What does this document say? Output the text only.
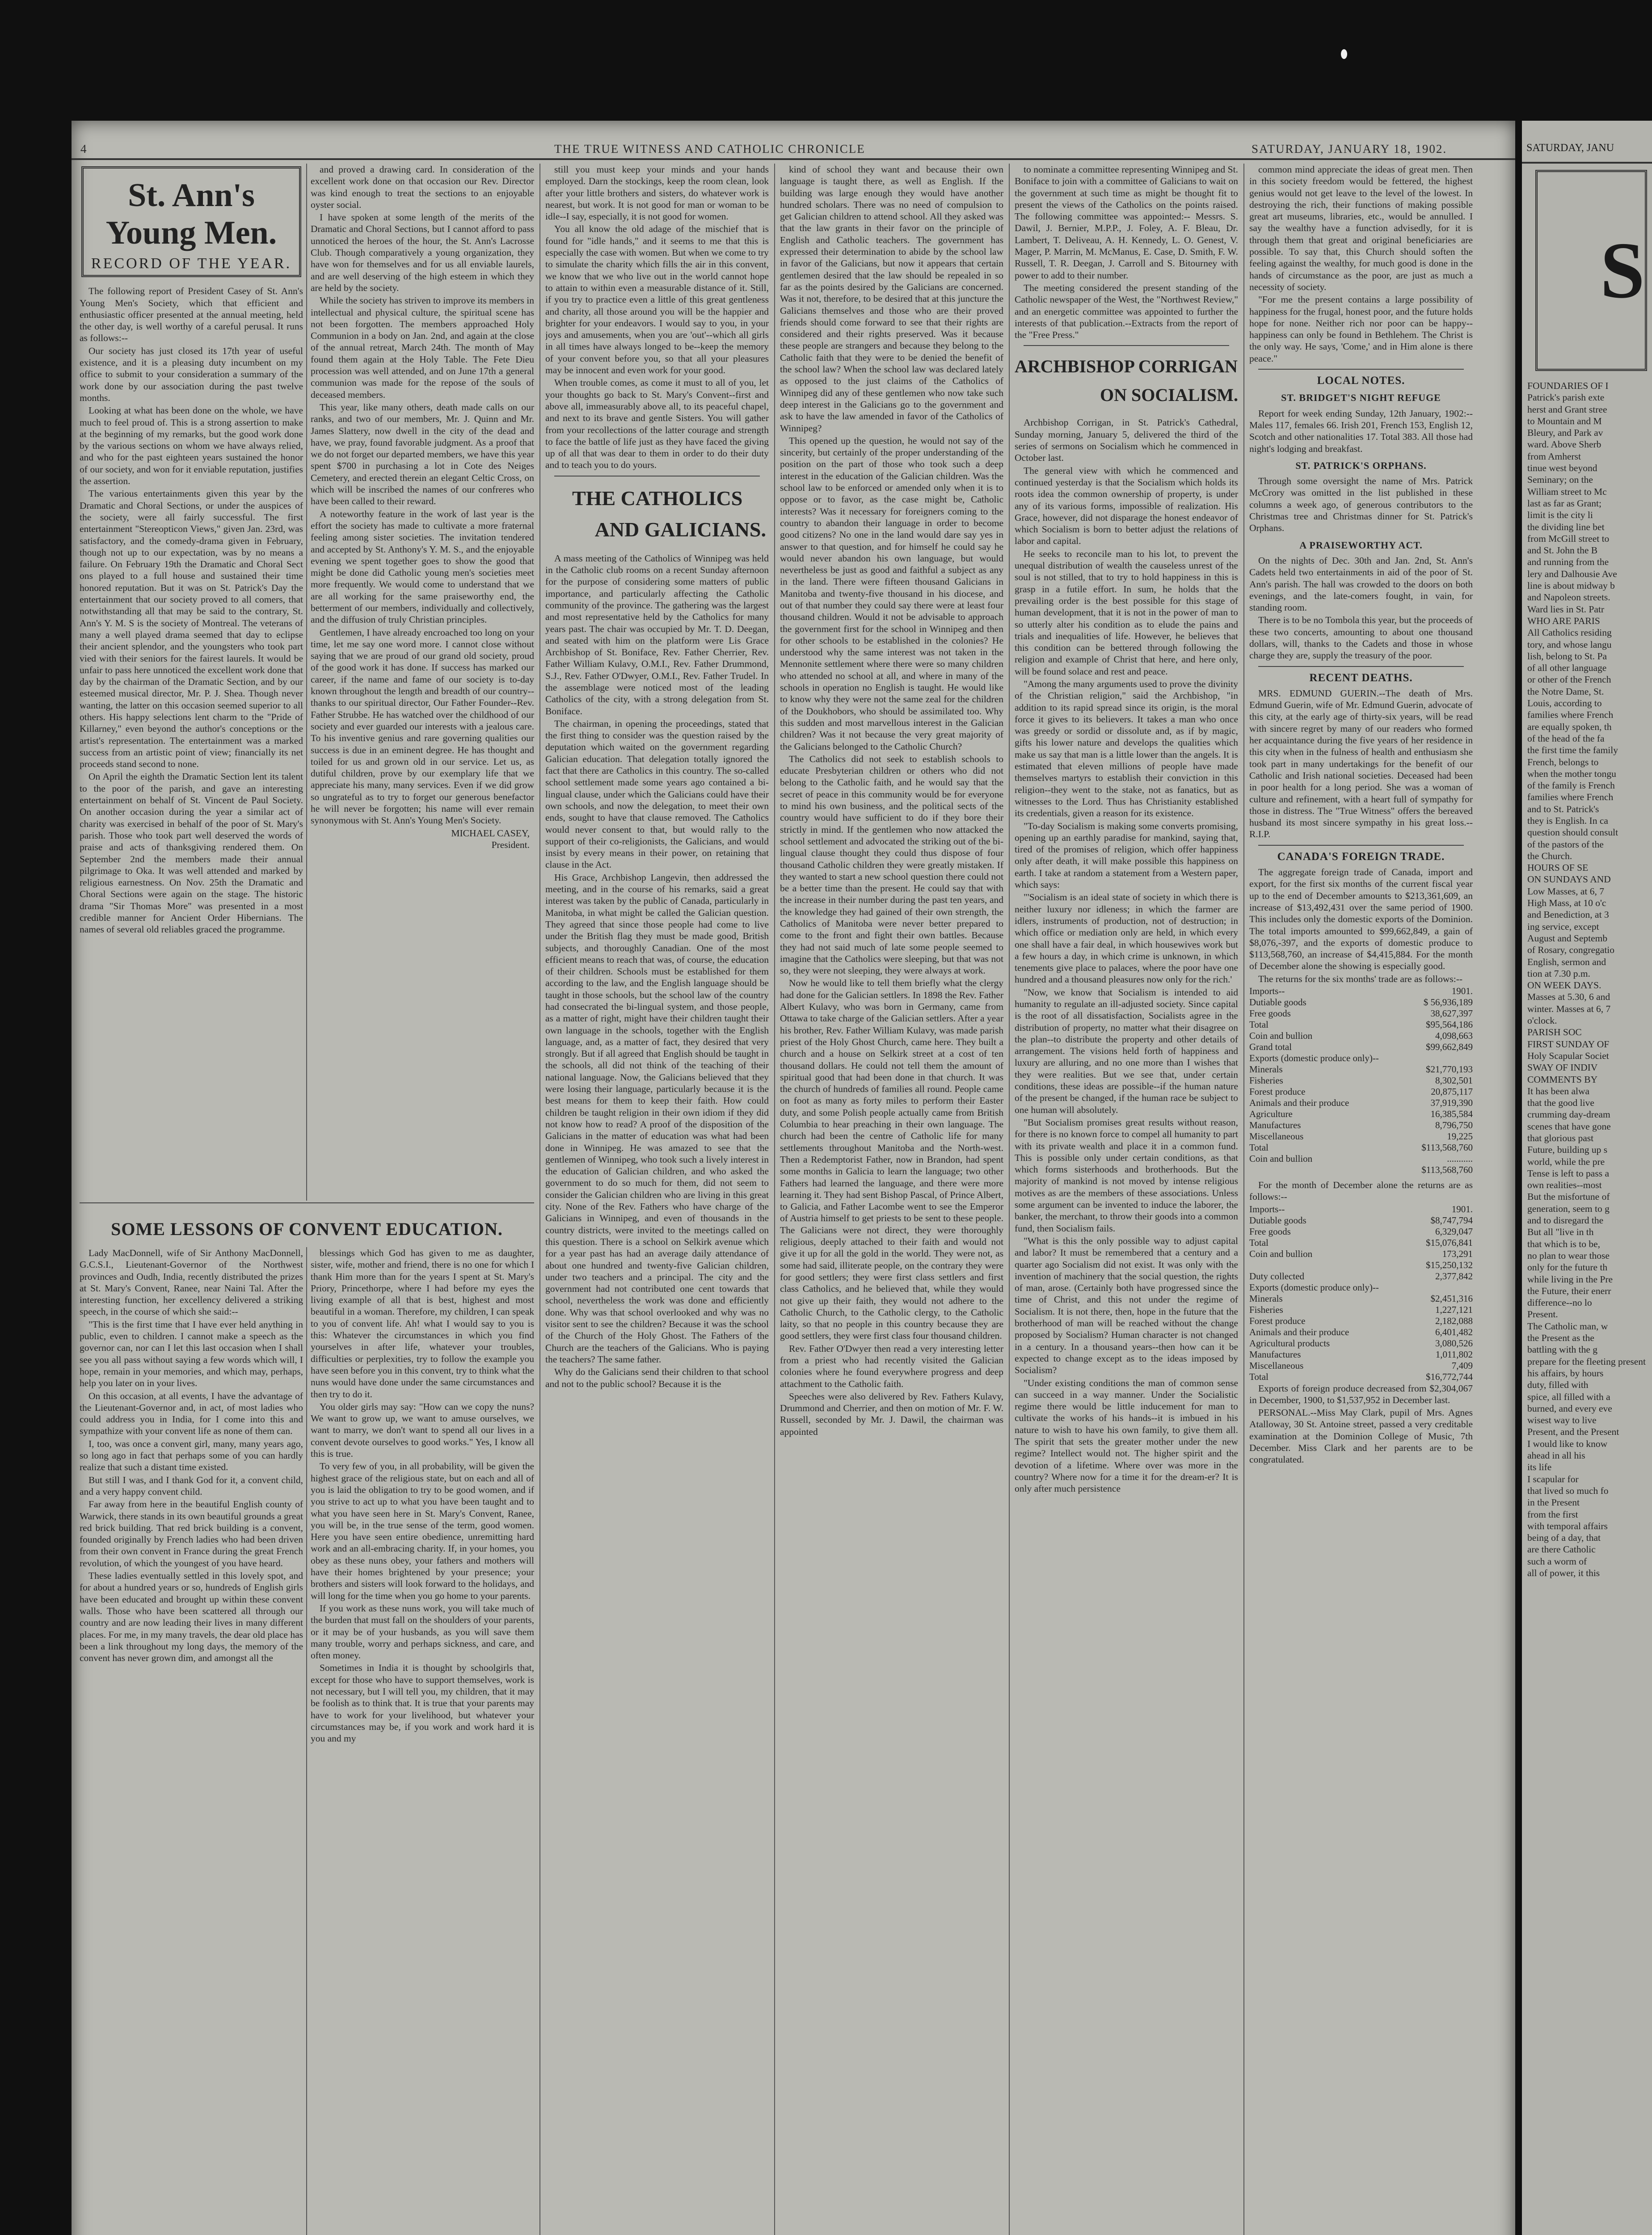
4	THE TRUE WITNESS AND CATHOLIC CHRONICLE	SATURDAY, JANUARY 18, 1902.
St. Ann's Young Men.
RECORD OF THE YEAR.

The following report of President Casey of St. Ann's Young Men's Society, which that efficient and enthusiastic officer presented at the annual meeting, held the other day, is well worthy of a careful perusal. It runs as follows:--

Our society has just closed its 17th year of useful existence, and it is a pleasing duty incumbent on my office to submit to your consideration a summary of the work done by our association during the past twelve months.

Looking at what has been done on the whole, we have much to feel proud of. This is a strong assertion to make at the beginning of my remarks, but the good work done by the various sections on whom we have always relied, and who for the past eighteen years sustained the honor of our society, and won for it enviable reputation, justifies the assertion.

The various entertainments given this year by the Dramatic and Choral Sections, or under the auspices of the society, were all fairly successful. The first entertainment "Stereopticon Views," given Jan. 23rd, was satisfactory, and the comedy-drama given in February, though not up to our expectation, was by no means a failure. On February 19th the Dramatic and Choral Sect ons played to a full house and sustained their time honored reputation. But it was on St. Patrick's Day the entertainment that our society proved to all comers, that notwithstanding all that may be said to the contrary, St. Ann's Y. M. S is the society of Montreal. The veterans of many a well played drama seemed that day to eclipse their ancient splendor, and the youngsters who took part vied with their seniors for the fairest laurels. It would be unfair to pass here unnoticed the excellent work done that day by the chairman of the Dramatic Section, and by our esteemed musical director, Mr. P. J. Shea. Though never wanting, the latter on this occasion seemed superior to all others. His happy selections lent charm to the "Pride of Killarney," even beyond the author's conceptions or the artist's representation. The entertainment was a marked success from an artistic point of view; financially its net proceeds stand second to none.

On April the eighth the Dramatic Section lent its talent to the poor of the parish, and gave an interesting entertainment on behalf of St. Vincent de Paul Society. On another occasion during the year a similar act of charity was exercised in behalf of the poor of St. Mary's parish. Those who took part well deserved the words of praise and acts of thanksgiving rendered them. On September 2nd the members made their annual pilgrimage to Oka. It was well attended and marked by religious earnestness. On Nov. 25th the Dramatic and Choral Sections were again on the stage. The historic drama "Sir Thomas More" was presented in a most credible manner for Ancient Order Hibernians. The names of several old reliables graced the programme.

and proved a drawing card. In consideration of the excellent work done on that occasion our Rev. Director was kind enough to treat the sections to an enjoyable oyster social.

I have spoken at some length of the merits of the Dramatic and Choral Sections, but I cannot afford to pass unnoticed the heroes of the hour, the St. Ann's Lacrosse Club. Though comparatively a young organization, they have won for themselves and for us all enviable laurels, and are well deserving of the high esteem in which they are held by the society.

While the society has striven to improve its members in intellectual and physical culture, the spiritual scene has not been forgotten. The members approached Holy Communion in a body on Jan. 2nd, and again at the close of the annual retreat, March 24th. The month of May found them again at the Holy Table. The Fete Dieu procession was well attended, and on June 17th a general communion was made for the repose of the souls of deceased members.

This year, like many others, death made calls on our ranks, and two of our members, Mr. J. Quinn and Mr. James Slattery, now dwell in the city of the dead and have, we pray, found favorable judgment. As a proof that we do not forget our departed members, we have this year spent $700 in purchasing a lot in Cote des Neiges Cemetery, and erected therein an elegant Celtic Cross, on which will be inscribed the names of our confreres who have been called to their reward.

A noteworthy feature in the work of last year is the effort the society has made to cultivate a more fraternal feeling among sister societies. The invitation tendered and accepted by St. Anthony's Y. M. S., and the enjoyable evening we spent together goes to show the good that might be done did Catholic young men's societies meet more frequently. We would come to understand that we are all working for the same praiseworthy end, the betterment of our members, individually and collectively, and the diffusion of truly Christian principles.

Gentlemen, I have already encroached too long on your time, let me say one word more. I cannot close without saying that we are proud of our grand old society, proud of the good work it has done. If success has marked our career, if the name and fame of our society is to-day known throughout the length and breadth of our country--thanks to our spiritual director, Our Father Founder--Rev. Father Strubbe. He has watched over the childhood of our society and ever guarded our interests with a jealous care. To his inventive genius and rare governing qualities our success is due in an eminent degree. He has thought and toiled for us and grown old in our service. Let us, as dutiful children, prove by our exemplary life that we appreciate his many, many services. Even if we did grow so ungrateful as to try to forget our generous benefactor he will never be forgotten; his name will ever remain synonymous with St. Ann's Young Men's Society.

MICHAEL CASEY,
President.
SOME LESSONS OF CONVENT EDUCATION.

Lady MacDonnell, wife of Sir Anthony MacDonnell, G.C.S.I., Lieutenant-Governor of the Northwest provinces and Oudh, India, recently distributed the prizes at St. Mary's Convent, Ranee, near Naini Tal. After the interesting function, her excellency delivered a striking speech, in the course of which she said:--

"This is the first time that I have ever held anything in public, even to children. I cannot make a speech as the governor can, nor can I let this last occasion when I shall see you all pass without saying a few words which will, I hope, remain in your memories, and which may, perhaps, help you later on in your lives.

On this occasion, at all events, I have the advantage of the Lieutenant-Governor and, in act, of most ladies who could address you in India, for I come into this and sympathize with your convent life as none of them can.

I, too, was once a convent girl, many, many years ago, so long ago in fact that perhaps some of you can hardly realize that such a distant time existed.

But still I was, and I thank God for it, a convent child, and a very happy convent child.

Far away from here in the beautiful English county of Warwick, there stands in its own beautiful grounds a great red brick building. That red brick building is a convent, founded originally by French ladies who had been driven from their own convent in France during the great French revolution, of which the youngest of you have heard.

These ladies eventually settled in this lovely spot, and for about a hundred years or so, hundreds of English girls have been educated and brought up within these convent walls. Those who have been scattered all through our country and are now leading their lives in many different places. For me, in my many travels, the dear old place has been a link throughout my long days, the memory of the convent has never grown dim, and amongst all the

blessings which God has given to me as daughter, sister, wife, mother and friend, there is no one for which I thank Him more than for the years I spent at St. Mary's Priory, Princethorpe, where I had before my eyes the living example of all that is best, highest and most beautiful in a woman. Therefore, my children, I can speak to you of convent life. Ah! what I would say to you is this: Whatever the circumstances in which you find yourselves in after life, whatever your troubles, difficulties or perplexities, try to follow the example you have seen before you in this convent, try to think what the nuns would have done under the same circumstances and then try to do it.

You older girls may say: "How can we copy the nuns? We want to grow up, we want to amuse ourselves, we want to marry, we don't want to spend all our lives in a convent devote ourselves to good works." Yes, I know all this is true.

To very few of you, in all probability, will be given the highest grace of the religious state, but on each and all of you is laid the obligation to try to be good women, and if you strive to act up to what you have been taught and to what you have seen here in St. Mary's Convent, Ranee, you will be, in the true sense of the term, good women. Here you have seen entire obedience, unremitting hard work and an all-embracing charity. If, in your homes, you obey as these nuns obey, your fathers and mothers will have their homes brightened by your presence; your brothers and sisters will look forward to the holidays, and will long for the time when you go home to your parents.

If you work as these nuns work, you will take much of the burden that must fall on the shoulders of your parents, or it may be of your husbands, as you will save them many trouble, worry and perhaps sickness, and care, and often money.

Sometimes in India it is thought by schoolgirls that, except for those who have to support themselves, work is not necessary, but I will tell you, my children, that it may be foolish as to think that. It is true that your parents may have to work for your livelihood, but whatever your circumstances may be, if you work and work hard it is you and my

still you must keep your minds and your hands employed. Darn the stockings, keep the room clean, look after your little brothers and sisters, do whatever work is nearest, but work. It is not good for man or woman to be idle--I say, especially, it is not good for women.

You all know the old adage of the mischief that is found for "idle hands," and it seems to me that this is especially the case with women. But when we come to try to simulate the charity which fills the air in this convent, we know that we who live out in the world cannot hope to attain to within even a measurable distance of it. Still, if you try to practice even a little of this great gentleness and charity, all those around you will be the happier and brighter for your endeavors. I would say to you, in your joys and amusements, when you are 'out'--which all girls in all times have always longed to be--keep the memory of your convent before you, so that all your pleasures may be innocent and even work for your good.

When trouble comes, as come it must to all of you, let your thoughts go back to St. Mary's Convent--first and above all, immeasurably above all, to its peaceful chapel, and next to its brave and gentle Sisters. You will gather from your recollections of the latter courage and strength to face the battle of life just as they have faced the giving up of all that was dear to them in order to do their duty and to teach you to do yours.

THE CATHOLICS
AND GALICIANS.

A mass meeting of the Catholics of Winnipeg was held in the Catholic club rooms on a recent Sunday afternoon for the purpose of considering some matters of public importance, and particularly affecting the Catholic community of the province. The gathering was the largest and most representative held by the Catholics for many years past. The chair was occupied by Mr. T. D. Deegan, and seated with him on the platform were Lis Grace Archbishop of St. Boniface, Rev. Father Cherrier, Rev. Father William Kulavy, O.M.I., Rev. Father Drummond, S.J., Rev. Father O'Dwyer, O.M.I., Rev. Father Trudel. In the assemblage were noticed most of the leading Catholics of the city, with a strong delegation from St. Boniface.

The chairman, in opening the proceedings, stated that the first thing to consider was the question raised by the deputation which waited on the government regarding Galician education. That delegation totally ignored the fact that there are Catholics in this country. The so-called school settlement made some years ago contained a bi-lingual clause, under which the Galicians could have their own schools, and now the delegation, to meet their own ends, sought to have that clause removed. The Catholics would never consent to that, but would rally to the support of their co-religionists, the Galicians, and would insist by every means in their power, on retaining that clause in the Act.

His Grace, Archbishop Langevin, then addressed the meeting, and in the course of his remarks, said a great interest was taken by the public of Canada, particularly in Manitoba, in what might be called the Galician question. They agreed that since those people had come to live under the British flag they must be made good, British subjects, and thoroughly Canadian. One of the most efficient means to reach that was, of course, the education of their children. Schools must be established for them according to the law, and the English language should be taught in those schools, but the school law of the country had consecrated the bi-lingual system, and those people, as a matter of right, might have their children taught their own language in the schools, together with the English language, and, as a matter of fact, they desired that very strongly. But if all agreed that English should be taught in the schools, all did not think of the teaching of their national language. Now, the Galicians believed that they were losing their language, particularly because it is the best means for them to keep their faith. How could children be taught religion in their own idiom if they did not know how to read? A proof of the disposition of the Galicians in the matter of education was what had been done in Winnipeg. He was amazed to see that the gentlemen of Winnipeg, who took such a lively interest in the education of Galician children, and who asked the government to do so much for them, did not seem to consider the Galician children who are living in this great city. None of the Rev. Fathers who have charge of the Galicians in Winnipeg, and even of thousands in the country districts, were invited to the meetings called on this question. There is a school on Selkirk avenue which for a year past has had an average daily attendance of about one hundred and twenty-five Galician children, under two teachers and a principal. The city and the government had not contributed one cent towards that school, nevertheless the work was done and efficiently done. Why was that school overlooked and why was no visitor sent to see the children? Because it was the school of the Church of the Holy Ghost. The Fathers of the Church are the teachers of the Galicians. Who is paying the teachers? The same father.

Why do the Galicians send their children to that school and not to the public school? Because it is the

kind of school they want and because their own language is taught there, as well as English. If the building was large enough they would have another hundred scholars. There was no need of compulsion to get Galician children to attend school. All they asked was that the law grants in their favor on the principle of English and Catholic teachers. The government has expressed their determination to abide by the school law in favor of the Galicians, but now it appears that certain gentlemen desired that the law should be repealed in so far as the points desired by the Galicians are concerned. Was it not, therefore, to be desired that at this juncture the Galicians themselves and those who are their proved friends should come forward to see that their rights are considered and their rights preserved. Was it because these people are strangers and because they belong to the Catholic faith that they were to be denied the benefit of the school law? When the school law was declared lately as opposed to the just claims of the Catholics of Winnipeg did any of these gentlemen who now take such deep interest in the Galicians go to the government and ask to have the law amended in favor of the Catholics of Winnipeg?

This opened up the question, he would not say of the sincerity, but certainly of the proper understanding of the position on the part of those who took such a deep interest in the education of the Galician children. Was the school law to be enforced or amended only when it is to oppose or to favor, as the case might be, Catholic interests? Was it necessary for foreigners coming to the country to abandon their language in order to become good citizens? No one in the land would dare say yes in answer to that question, and for himself he could say he would never abandon his own language, but would nevertheless be just as good and faithful a subject as any in the land. There were fifteen thousand Galicians in Manitoba and twenty-five thousand in his diocese, and out of that number they could say there were at least four thousand children. Would it not be advisable to approach the government first for the school in Winnipeg and then for other schools to be established in the colonies? He understood why the same interest was not taken in the Mennonite settlement where there were so many children who attended no school at all, and where in many of the schools in operation no English is taught. He would like to know why they were not the same zeal for the children of the Doukhobors, who should be assimilated too. Why this sudden and most marvellous interest in the Galician children? Was it not because the very great majority of the Galicians belonged to the Catholic Church?

The Catholics did not seek to establish schools to educate Presbyterian children or others who did not belong to the Catholic faith, and he would say that the secret of peace in this community would be for everyone to mind his own business, and the political sects of the country would have sufficient to do if they bore their strictly in mind. If the gentlemen who now attacked the school settlement and advocated the striking out of the bi-lingual clause thought they could thus dispose of four thousand Catholic children they were greatly mistaken. If they wanted to start a new school question there could not be a better time than the present. He could say that with the increase in their number during the past ten years, and the knowledge they had gained of their own strength, the Catholics of Manitoba were never better prepared to come to the front and fight their own battles. Because they had not said much of late some people seemed to imagine that the Catholics were sleeping, but that was not so, they were not sleeping, they were always at work.

Now he would like to tell them briefly what the clergy had done for the Galician settlers. In 1898 the Rev. Father Albert Kulavy, who was born in Germany, came from Ottawa to take charge of the Galician settlers. After a year his brother, Rev. Father William Kulavy, was made parish priest of the Holy Ghost Church, came here. They built a church and a house on Selkirk street at a cost of ten thousand dollars. He could not tell them the amount of spiritual good that had been done in that church. It was the church of hundreds of families all round. People came on foot as many as forty miles to perform their Easter duty, and some Polish people actually came from British Columbia to hear preaching in their own language. The church had been the centre of Catholic life for many settlements throughout Manitoba and the North-west. Then a Redemptorist Father, now in Brandon, had spent some months in Galicia to learn the language; two other Fathers had learned the language, and there were more learning it. They had sent Bishop Pascal, of Prince Albert, to Galicia, and Father Lacombe went to see the Emperor of Austria himself to get priests to be sent to these people. The Galicians were not direct, they were thoroughly religious, deeply attached to their faith and would not give it up for all the gold in the world. They were not, as some had said, illiterate people, on the contrary they were for good settlers; they were first class settlers and first class Catholics, and he believed that, while they would not give up their faith, they would not adhere to the Catholic Church, to the Catholic clergy, to the Catholic laity, so that no people in this country because they are good settlers, they were first class four thousand children.

Rev. Father O'Dwyer then read a very interesting letter from a priest who had recently visited the Galician colonies where he found everywhere progress and deep attachment to the Catholic faith.

Speeches were also delivered by Rev. Fathers Kulavy, Drummond and Cherrier, and then on motion of Mr. F. W. Russell, seconded by Mr. J. Dawil, the chairman was appointed

to nominate a committee representing Winnipeg and St. Boniface to join with a committee of Galicians to wait on the government at such time as might be thought fit to present the views of the Catholics on the points raised. The following committee was appointed:-- Messrs. S. Dawil, J. Bernier, M.P.P., J. Foley, A. F. Bleau, Dr. Lambert, T. Deliveau, A. H. Kennedy, L. O. Genest, V. Mager, P. Marrin, M. McManus, E. Case, D. Smith, F. W. Russell, T. R. Deegan, J. Carroll and S. Bitourney with power to add to their number.

The meeting considered the present standing of the Catholic newspaper of the West, the "Northwest Review," and an energetic committee was appointed to further the interests of that publication.--Extracts from the report of the "Free Press."

ARCHBISHOP CORRIGAN
ON SOCIALISM.

Archbishop Corrigan, in St. Patrick's Cathedral, Sunday morning, January 5, delivered the third of the series of sermons on Socialism which he commenced in October last.

The general view with which he commenced and continued yesterday is that the Socialism which holds its roots idea the common ownership of property, is under any of its various forms, impossible of realization. His Grace, however, did not disparage the honest endeavor of which Socialism is born to better adjust the relations of labor and capital.

He seeks to reconcile man to his lot, to prevent the unequal distribution of wealth the causeless unrest of the soul is not stilled, that to try to hold happiness in this is grasp in a futile effort. In sum, he holds that the prevailing order is the best possible for this stage of human development, that it is not in the power of man to so utterly alter his condition as to elude the pains and trials and inequalities of life. However, he believes that this condition can be bettered through following the religion and example of Christ that here, and here only, will be found solace and rest and peace.

"Among the many arguments used to prove the divinity of the Christian religion," said the Archbishop, "in addition to its rapid spread since its origin, is the moral force it gives to its believers. It takes a man who once was greedy or sordid or dissolute and, as if by magic, gifts his lower nature and develops the qualities which make us say that man is a little lower than the angels. It is estimated that eleven millions of people have made themselves martyrs to establish their conviction in this religion--they went to the stake, not as fanatics, but as witnesses to the Lord. Thus has Christianity established its credentials, given a reason for its existence.

"To-day Socialism is making some converts promising, opening up an earthly paradise for mankind, saying that, tired of the promises of religion, which offer happiness only after death, it will make possible this happiness on earth. I take at random a statement from a Western paper, which says:

"'Socialism is an ideal state of society in which there is neither luxury nor idleness; in which the farmer are idlers, instruments of production, not of destruction; in which office or mediation only are held, in which every one shall have a fair deal, in which housewives work but a few hours a day, in which crime is unknown, in which tenements give place to palaces, where the poor have one hundred and a thousand pleasures now only for the rich.'

"Now, we know that Socialism is intended to aid humanity to regulate an ill-adjusted society. Since capital is the root of all dissatisfaction, Socialists agree in the distribution of property, no matter what their disagree on the plan--to distribute the property and other details of arrangement. The visions held forth of happiness and luxury are alluring, and no one more than I wishes that they were realities. But we see that, under certain conditions, these ideas are possible--if the human nature of the present be changed, if the human race be subject to one human will absolutely.

"But Socialism promises great results without reason, for there is no known force to compel all humanity to part with its private wealth and place it in a common fund. This is possible only under certain conditions, as that which forms sisterhoods and brotherhoods. But the majority of mankind is not moved by intense religious motives as are the members of these associations. Unless some argument can be invented to induce the laborer, the banker, the merchant, to throw their goods into a common fund, then Socialism fails.

"What is this the only possible way to adjust capital and labor? It must be remembered that a century and a quarter ago Socialism did not exist. It was only with the invention of machinery that the social question, the rights of man, arose. (Certainly both have progressed since the time of Christ, and this not under the regime of Socialism. It is not there, then, hope in the future that the brotherhood of man will be reached without the change proposed by Socialism? Human character is not changed in a century. In a thousand years--then how can it be expected to change except as to the ideas imposed by Socialism?

"Under existing conditions the man of common sense can succeed in a way manner. Under the Socialistic regime there would be little inducement for man to cultivate the works of his hands--it is imbued in his nature to wish to have his own family, to give them all. The spirit that sets the greater mother under the new regime? Intellect would not. The higher spirit and the devotion of a lifetime. Where over was more in the country? Where now for a time it for the dream-er? It is only after much persistence

common mind appreciate the ideas of great men. Then in this society freedom would be fettered, the highest genius would not get leave to the level of the lowest. In destroying the rich, their functions of making possible great art museums, libraries, etc., would be annulled. I say the wealthy have a function advisedly, for it is through them that great and original beneficiaries are possible. To say that, this Church should soften the feeling against the wealthy, for much good is done in the hands of circumstance as the poor, are just as much a necessity of society.

"For me the present contains a large possibility of happiness for the frugal, honest poor, and the future holds hope for none. Neither rich nor poor can be happy--happiness can only be found in Bethlehem. The Christ is the only way. He says, 'Come,' and in Him alone is there peace."

LOCAL NOTES.
ST. BRIDGET'S NIGHT REFUGE

Report for week ending Sunday, 12th January, 1902:--Males 117, females 66. Irish 201, French 153, English 12, Scotch and other nationalities 17. Total 383. All those had night's lodging and breakfast.

ST. PATRICK'S ORPHANS.

Through some oversight the name of Mrs. Patrick McCrory was omitted in the list published in these columns a week ago, of generous contributors to the Christmas tree and Christmas dinner for St. Patrick's Orphans.

A PRAISEWORTHY ACT.

On the nights of Dec. 30th and Jan. 2nd, St. Ann's Cadets held two entertainments in aid of the poor of St. Ann's parish. The hall was crowded to the doors on both evenings, and the late-comers fought, in vain, for standing room.

There is to be no Tombola this year, but the proceeds of these two concerts, amounting to about one thousand dollars, will, thanks to the Cadets and those in whose charge they are, supply the treasury of the poor.

RECENT DEATHS.

MRS. EDMUND GUERIN.--The death of Mrs. Edmund Guerin, wife of Mr. Edmund Guerin, advocate of this city, at the early age of thirty-six years, will be read with sincere regret by many of our readers who formed her acquaintance during the five years of her residence in this city when in the fulness of health and enthusiasm she took part in many undertakings for the benefit of our Catholic and Irish national societies. Deceased had been in poor health for a long period. She was a woman of culture and refinement, with a heart full of sympathy for those in distress. The "True Witness" offers the bereaved husband its most sincere sympathy in his great loss.--R.I.P.

CANADA'S FOREIGN TRADE.

The aggregate foreign trade of Canada, import and export, for the first six months of the current fiscal year up to the end of December amounts to $213,361,609, an increase of $13,492,431 over the same period of 1900. This includes only the domestic exports of the Dominion. The total imports amounted to $99,662,849, a gain of $8,076,-397, and the exports of domestic produce to $113,568,760, an increase of $4,415,884. For the month of December alone the showing is especially good.

The returns for the six months' trade are as follows:--

Imports--	1901.
Dutiable goods	$ 56,936,189
Free goods	38,627,397
Total	$95,564,186
Coin and bullion	4,098,663
Grand total	$99,662,849
Exports (domestic produce only)--	
Minerals	$21,770,193
Fisheries	8,302,501
Forest produce	20,875,117
Animals and their produce	37,919,390
Agriculture	16,385,584
Manufactures	8,796,750
Miscellaneous	19,225
Total	$113,568,760
Coin and bullion	...........
	$113,568,760

For the month of December alone the returns are as follows:--

Imports--	1901.
Dutiable goods	$8,747,794
Free goods	6,329,047
Total	$15,076,841
Coin and bullion	173,291
	$15,250,132
Duty collected	2,377,842
Exports (domestic produce only)--	
Minerals	$2,451,316
Fisheries	1,227,121
Forest produce	2,182,088
Animals and their produce	6,401,482
Agricultural products	3,080,526
Manufactures	1,011,802
Miscellaneous	7,409
Total	$16,772,744

Exports of foreign produce decreased from $2,304,067 in December, 1900, to $1,537,952 in December last.

PERSONAL.--Miss May Clark, pupil of Mrs. Agnes Atalloway, 30 St. Antoine street, passed a very creditable examination at the Dominion College of Music, 7th December. Miss Clark and her parents are to be congratulated.

SATURDAY, JANU
S

FOUNDARIES OF I

Patrick's parish exte

herst and Grant stree

to Mountain and M

Bleury, and Park av

ward. Above Sherb

from Amherst

tinue west beyond

Seminary; on the

William street to Mc

last as far as Grant;

limit is the city li

the dividing line bet

from McGill street to

and St. John the B

and running from the

lery and Dalhousie Ave

line is about midway b

and Napoleon streets.

Ward lies in St. Patr

WHO ARE PARIS

All Catholics residing

tory, and whose langu

lish, belong to St. Pa

of all other language

or other of the French

the Notre Dame, St.

Louis, according to

families where French

are equally spoken, th

of the head of the fa

the first time the family

French, belongs to

when the mother tongu

of the family is French

families where French

and to St. Patrick's

they is English. In ca

question should consult

of the pastors of the

the Church.

HOURS OF SE

ON SUNDAYS AND

Low Masses, at 6, 7

High Mass, at 10 o'c

and Benediction, at 3

ing service, except

August and Septemb

of Rosary, congregatio

English, sermon and

tion at 7.30 p.m.

ON WEEK DAYS.

Masses at 5.30, 6 and

winter. Masses at 6, 7

o'clock.

PARISH SOC

FIRST SUNDAY OF

Holy Scapular Societ

SWAY OF INDIV

COMMENTS BY

It has been alwa

that the good live

crumming day-dream

scenes that have gone

that glorious past

Future, building up s

world, while the pre

Tense is left to pass a

own realities--most

But the misfortune of

generation, seem to g

and to disregard the

But all "live in th

that which is to be,

no plan to wear those

only for the future th

while living in the Pre

the Future, their enerr

difference--no lo

Present.

The Catholic man, w

the Present as the

battling with the g

prepare for the fleeting present

his affairs, by hours

duty, filled with

spice, all filled with a

burned, and every eve

wisest way to live

Present, and the Present

I would like to know

ahead in all his

its life

I scapular for

that lived so much fo

in the Present

from the first

with temporal affairs

being of a day, that

are there Catholic

such a worm of

all of power, it this
